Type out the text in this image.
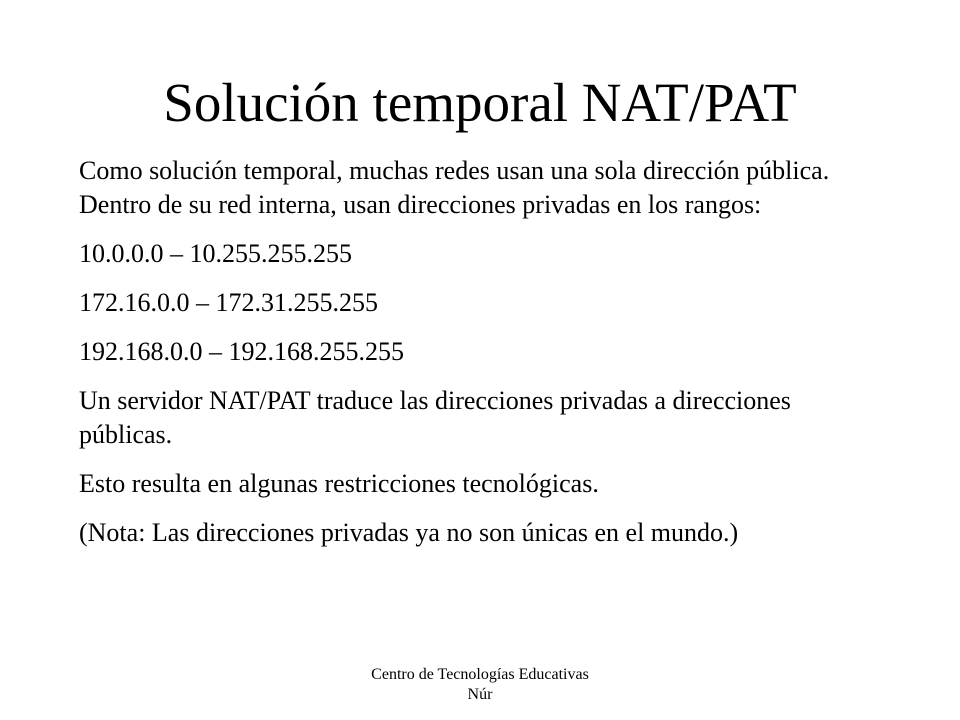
Solución temporal NAT/PAT

Como solución temporal, muchas redes usan una sola dirección pública. Dentro de su red interna, usan direcciones privadas en los rangos:

10.0.0.0 – 10.255.255.255

172.16.0.0 – 172.31.255.255

192.168.0.0 – 192.168.255.255

Un servidor NAT/PAT traduce las direcciones privadas a direcciones públicas.

Esto resulta en algunas restricciones tecnológicas.

(Nota: Las direcciones privadas ya no son únicas en el mundo.)

Centro de Tecnologías Educativas
Núr
